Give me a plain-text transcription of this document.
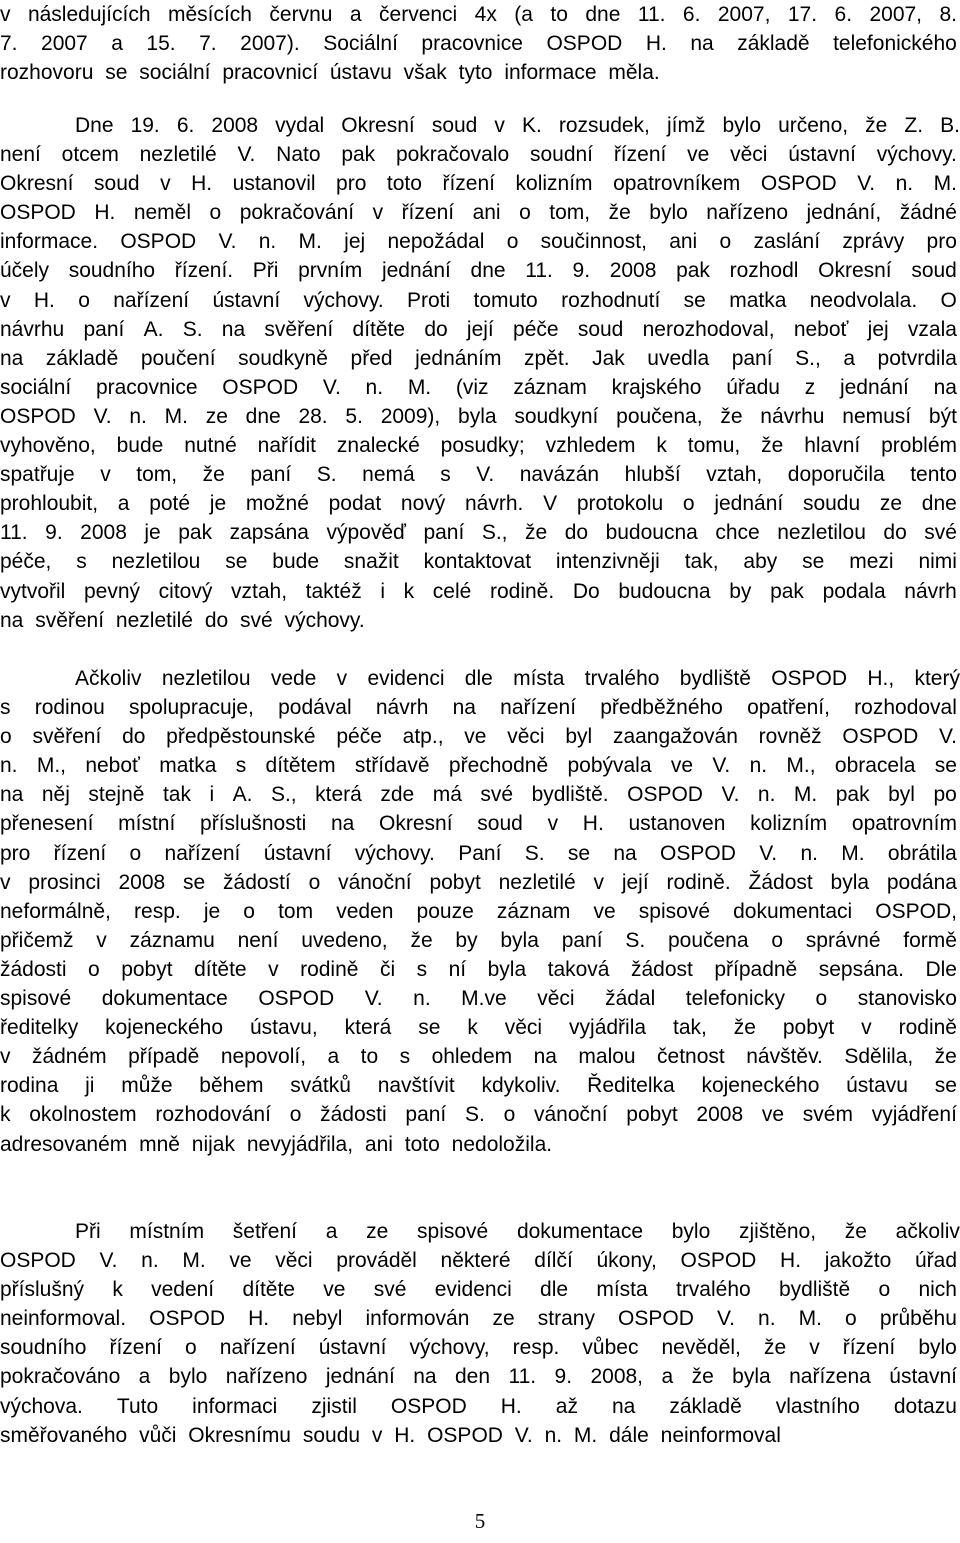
v následujících měsících červnu a červenci 4x (a to dne 11. 6. 2007, 17. 6. 2007, 8.
7. 2007 a 15. 7. 2007). Sociální pracovnice OSPOD H. na základě telefonického
rozhovoru se sociální pracovnicí ústavu však tyto informace měla.
Dne 19. 6. 2008 vydal Okresní soud v K. rozsudek, jímž bylo určeno, že Z. B.
není otcem nezletilé V. Nato pak pokračovalo soudní řízení ve věci ústavní výchovy.
Okresní soud v H. ustanovil pro toto řízení kolizním opatrovníkem OSPOD V. n. M.
OSPOD H. neměl o pokračování v řízení ani o tom, že bylo nařízeno jednání, žádné
informace. OSPOD V. n. M. jej nepožádal o součinnost, ani o zaslání zprávy pro
účely soudního řízení. Při prvním jednání dne 11. 9. 2008 pak rozhodl Okresní soud
v H. o nařízení ústavní výchovy. Proti tomuto rozhodnutí se matka neodvolala. O
návrhu paní A. S. na svěření dítěte do její péče soud nerozhodoval, neboť jej vzala
na základě poučení soudkyně před jednáním zpět. Jak uvedla paní S., a potvrdila
sociální pracovnice OSPOD V. n. M. (viz záznam krajského úřadu z jednání na
OSPOD V. n. M. ze dne 28. 5. 2009), byla soudkyní poučena, že návrhu nemusí být
vyhověno, bude nutné nařídit znalecké posudky; vzhledem k tomu, že hlavní problém
spatřuje v tom, že paní S. nemá s V. navázán hlubší vztah, doporučila tento
prohloubit, a poté je možné podat nový návrh. V protokolu o jednání soudu ze dne
11. 9. 2008 je pak zapsána výpověď paní S., že do budoucna chce nezletilou do své
péče, s nezletilou se bude snažit kontaktovat intenzivněji tak, aby se mezi nimi
vytvořil pevný citový vztah, taktéž i k celé rodině. Do budoucna by pak podala návrh
na svěření nezletilé do své výchovy.
Ačkoliv nezletilou vede v evidenci dle místa trvalého bydliště OSPOD H., který
s rodinou spolupracuje, podával návrh na nařízení předběžného opatření, rozhodoval
o svěření do předpěstounské péče atp., ve věci byl zaangažován rovněž OSPOD V.
n. M., neboť matka s dítětem střídavě přechodně pobývala ve V. n. M., obracela se
na něj stejně tak i A. S., která zde má své bydliště. OSPOD V. n. M. pak byl po
přenesení místní příslušnosti na Okresní soud v H. ustanoven kolizním opatrovním
pro řízení o nařízení ústavní výchovy. Paní S. se na OSPOD V. n. M. obrátila
v prosinci 2008 se žádostí o vánoční pobyt nezletilé v její rodině. Žádost byla podána
neformálně, resp. je o tom veden pouze záznam ve spisové dokumentaci OSPOD,
přičemž v záznamu není uvedeno, že by byla paní S. poučena o správné formě
žádosti o pobyt dítěte v rodině či s ní byla taková žádost případně sepsána. Dle
spisové dokumentace OSPOD V. n. M.ve věci žádal telefonicky o stanovisko
ředitelky kojeneckého ústavu, která se k věci vyjádřila tak, že pobyt v rodině
v žádném případě nepovolí, a to s ohledem na malou četnost návštěv. Sdělila, že
rodina ji může během svátků navštívit kdykoliv. Ředitelka kojeneckého ústavu se
k okolnostem rozhodování o žádosti paní S. o vánoční pobyt 2008 ve svém vyjádření
adresovaném mně nijak nevyjádřila, ani toto nedoložila.
Při místním šetření a ze spisové dokumentace bylo zjištěno, že ačkoliv
OSPOD V. n. M. ve věci prováděl některé dílčí úkony, OSPOD H. jakožto úřad
příslušný k vedení dítěte ve své evidenci dle místa trvalého bydliště o nich
neinformoval. OSPOD H. nebyl informován ze strany OSPOD V. n. M. o průběhu
soudního řízení o nařízení ústavní výchovy, resp. vůbec nevěděl, že v řízení bylo
pokračováno a bylo nařízeno jednání na den 11. 9. 2008, a že byla nařízena ústavní
výchova. Tuto informaci zjistil OSPOD H. až na základě vlastního dotazu
směřovaného vůči Okresnímu soudu v H. OSPOD V. n. M. dále neinformoval
5
